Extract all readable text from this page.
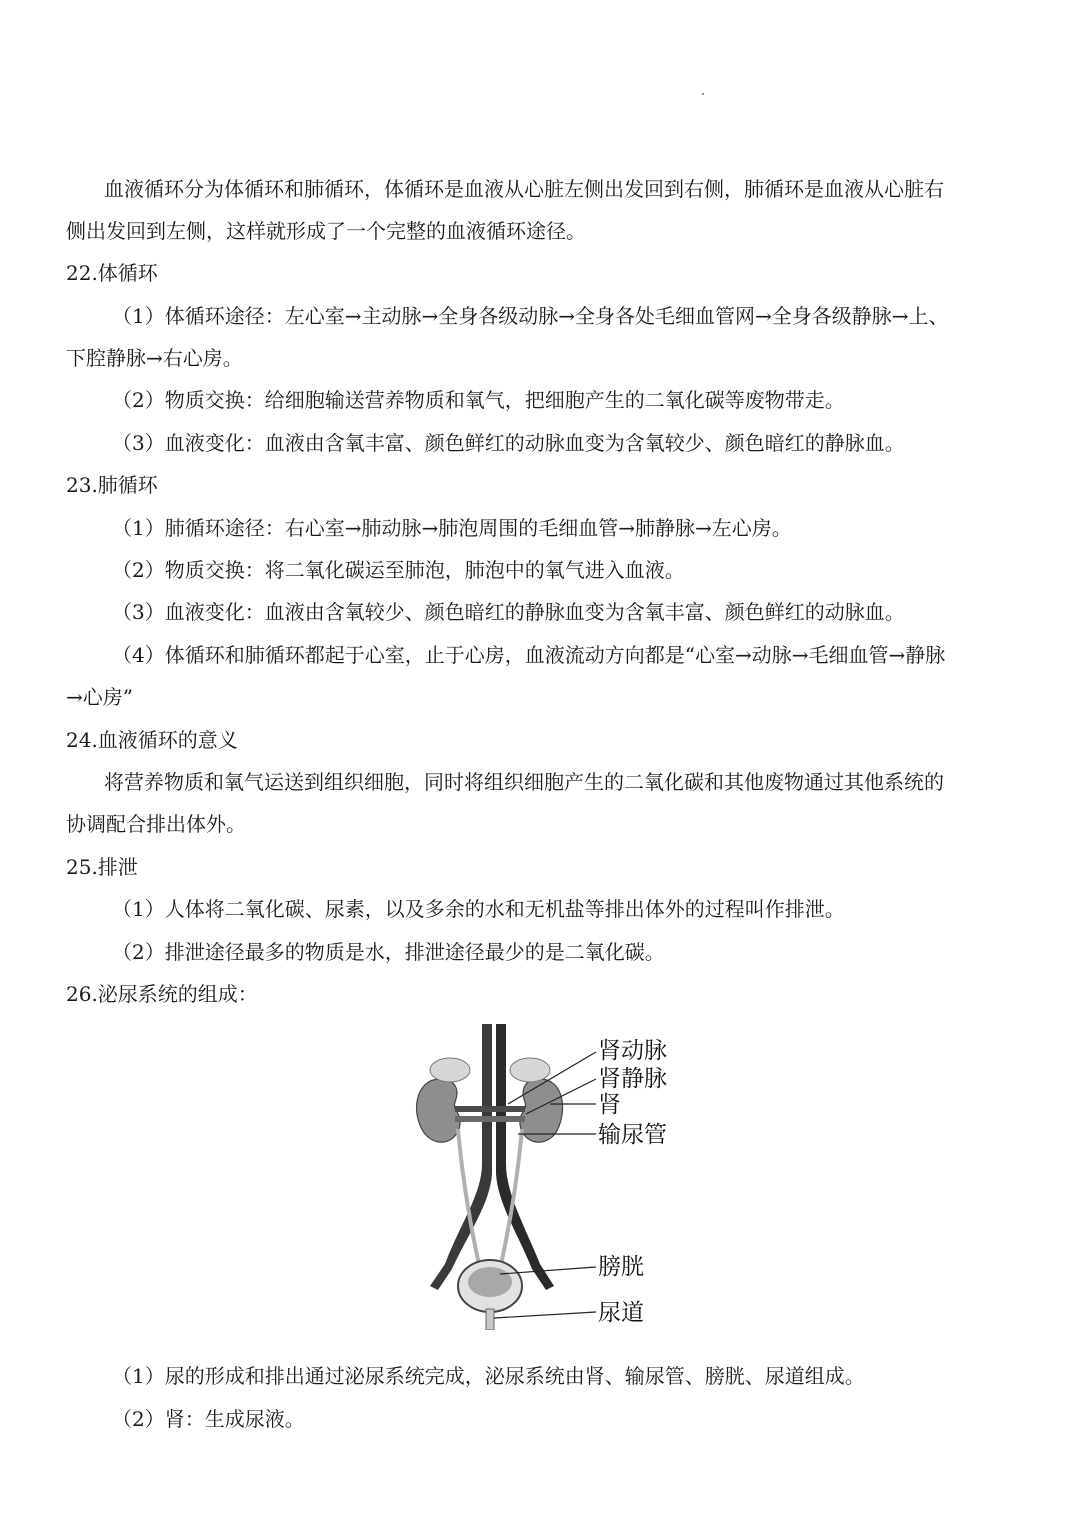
血液循环分为体循环和肺循环，体循环是血液从心脏左侧出发回到右侧，肺循环是血液从心脏右
侧出发回到左侧，这样就形成了一个完整的血液循环途径。
22.体循环
（1）体循环途径：左心室→主动脉→全身各级动脉→全身各处毛细血管网→全身各级静脉→上、
下腔静脉→右心房。
（2）物质交换：给细胞输送营养物质和氧气，把细胞产生的二氧化碳等废物带走。
（3）血液变化：血液由含氧丰富、颜色鲜红的动脉血变为含氧较少、颜色暗红的静脉血。
23.肺循环
（1）肺循环途径：右心室→肺动脉→肺泡周围的毛细血管→肺静脉→左心房。
（2）物质交换：将二氧化碳运至肺泡，肺泡中的氧气进入血液。
（3）血液变化：血液由含氧较少、颜色暗红的静脉血变为含氧丰富、颜色鲜红的动脉血。
（4）体循环和肺循环都起于心室，止于心房，血液流动方向都是“心室→动脉→毛细血管→静脉
→心房”
24.血液循环的意义
将营养物质和氧气运送到组织细胞，同时将组织细胞产生的二氧化碳和其他废物通过其他系统的
协调配合排出体外。
25.排泄
（1）人体将二氧化碳、尿素，以及多余的水和无机盐等排出体外的过程叫作排泄。
（2）排泄途径最多的物质是水，排泄途径最少的是二氧化碳。
26.泌尿系统的组成：
肾动脉
肾静脉
肾
输尿管
膀胱
尿道
（1）尿的形成和排出通过泌尿系统完成，泌尿系统由肾、输尿管、膀胱、尿道组成。
（2）肾：生成尿液。
